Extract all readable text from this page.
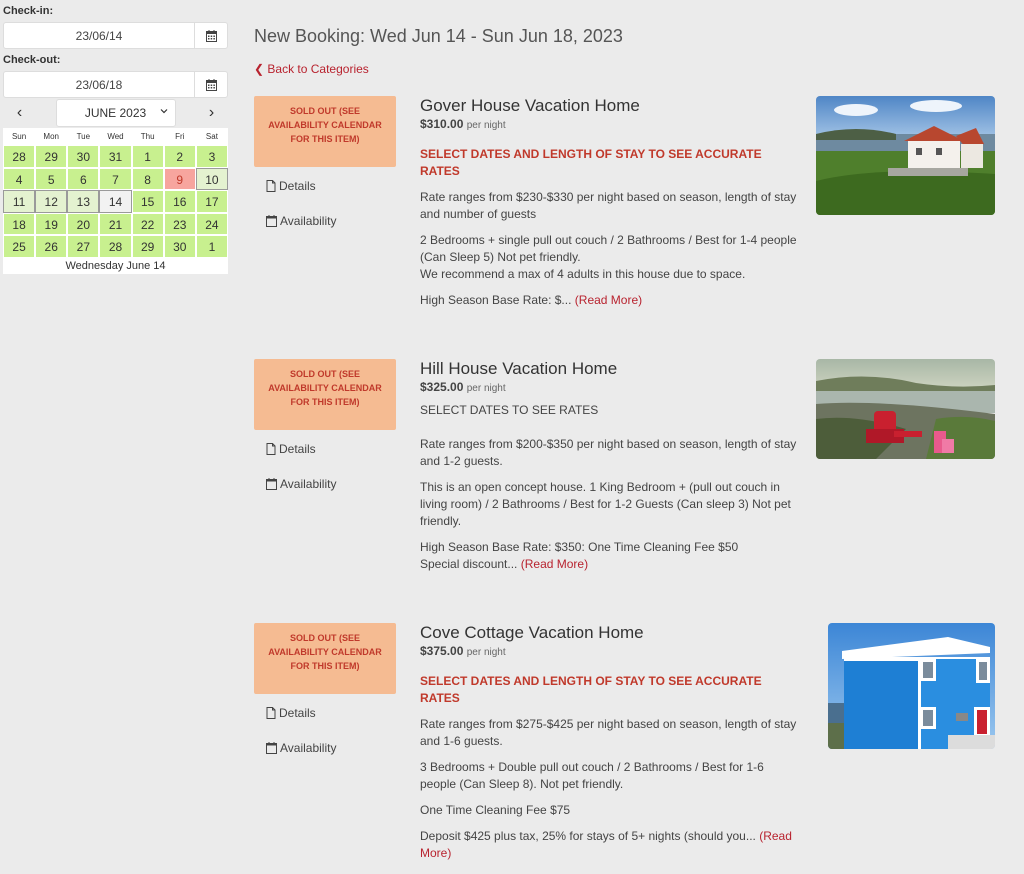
Check-in:
23/06/14
Check-out:
23/06/18
‹	JUNE 2023	›
Sun	Mon	Tue	Wed	Thu	Fri	Sat
28	29	30	31	1	2	3
4	5	6	7	8	9	10
11	12	13	14	15	16	17
18	19	20	21	22	23	24
25	26	27	28	29	30	1
Wednesday June 14
New Booking: Wed Jun 14 - Sun Jun 18, 2023
❮ Back to Categories
SOLD OUT (SEE AVAILABILITY CALENDAR FOR THIS ITEM)
Details
Availability
Gover House Vacation Home
$310.00 per night
SELECT DATES AND LENGTH OF STAY TO SEE ACCURATE RATES
Rate ranges from $230-$330 per night based on season, length of stay and number of guests
2 Bedrooms + single pull out couch / 2 Bathrooms / Best for 1-4 people (Can Sleep 5) Not pet friendly.
We recommend a max of 4 adults in this house due to space.
High Season Base Rate: $... (Read More)
SOLD OUT (SEE AVAILABILITY CALENDAR FOR THIS ITEM)
Details
Availability
Hill House Vacation Home
$325.00 per night
SELECT DATES TO SEE RATES
Rate ranges from $200-$350 per night based on season, length of stay and 1-2 guests.
This is an open concept house. 1 King Bedroom + (pull out couch in living room) / 2 Bathrooms / Best for 1-2 Guests (Can sleep 3) Not pet friendly.
High Season Base Rate: $350: One Time Cleaning Fee $50
Special discount... (Read More)
SOLD OUT (SEE AVAILABILITY CALENDAR FOR THIS ITEM)
Details
Availability
Cove Cottage Vacation Home
$375.00 per night
SELECT DATES AND LENGTH OF STAY TO SEE ACCURATE RATES
Rate ranges from $275-$425 per night based on season, length of stay and 1-6 guests.
3 Bedrooms + Double pull out couch / 2 Bathrooms / Best for 1-6 people (Can Sleep 8). Not pet friendly.
One Time Cleaning Fee $75
Deposit $425 plus tax, 25% for stays of 5+ nights (should you... (Read More)
